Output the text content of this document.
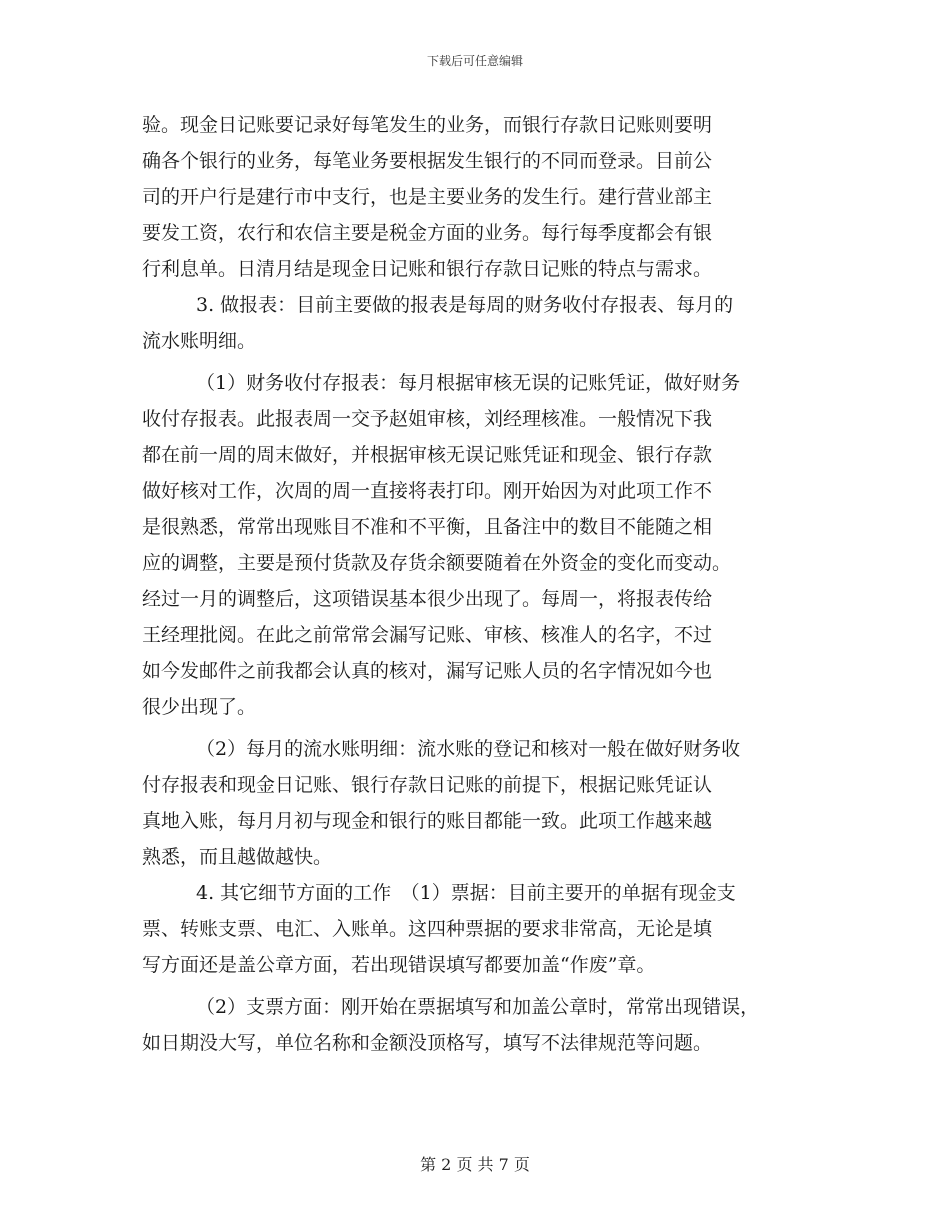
下载后可任意编辑
验。现金日记账要记录好每笔发生的业务，而银行存款日记账则要明
确各个银行的业务，每笔业务要根据发生银行的不同而登录。目前公
司的开户行是建行市中支行，也是主要业务的发生行。建行营业部主
要发工资，农行和农信主要是税金方面的业务。每行每季度都会有银
行利息单。日清月结是现金日记账和银行存款日记账的特点与需求。
3. 做报表：目前主要做的报表是每周的财务收付存报表、每月的
流水账明细。
（1）财务收付存报表：每月根据审核无误的记账凭证，做好财务
收付存报表。此报表周一交予赵姐审核，刘经理核准。一般情况下我
都在前一周的周末做好，并根据审核无误记账凭证和现金、银行存款
做好核对工作，次周的周一直接将表打印。刚开始因为对此项工作不
是很熟悉，常常出现账目不准和不平衡，且备注中的数目不能随之相
应的调整，主要是预付货款及存货余额要随着在外资金的变化而变动。
经过一月的调整后，这项错误基本很少出现了。每周一，将报表传给
王经理批阅。在此之前常常会漏写记账、审核、核准人的名字，不过
如今发邮件之前我都会认真的核对，漏写记账人员的名字情况如今也
很少出现了。
（2）每月的流水账明细：流水账的登记和核对一般在做好财务收
付存报表和现金日记账、银行存款日记账的前提下，根据记账凭证认
真地入账，每月月初与现金和银行的账目都能一致。此项工作越来越
熟悉，而且越做越快。
4. 其它细节方面的工作　（1）票据：目前主要开的单据有现金支
票、转账支票、电汇、入账单。这四种票据的要求非常高，无论是填
写方面还是盖公章方面，若出现错误填写都要加盖“作废”章。
（2）支票方面：刚开始在票据填写和加盖公章时，常常出现错误，
如日期没大写，单位名称和金额没顶格写，填写不法律规范等问题。
第 2 页 共 7 页
